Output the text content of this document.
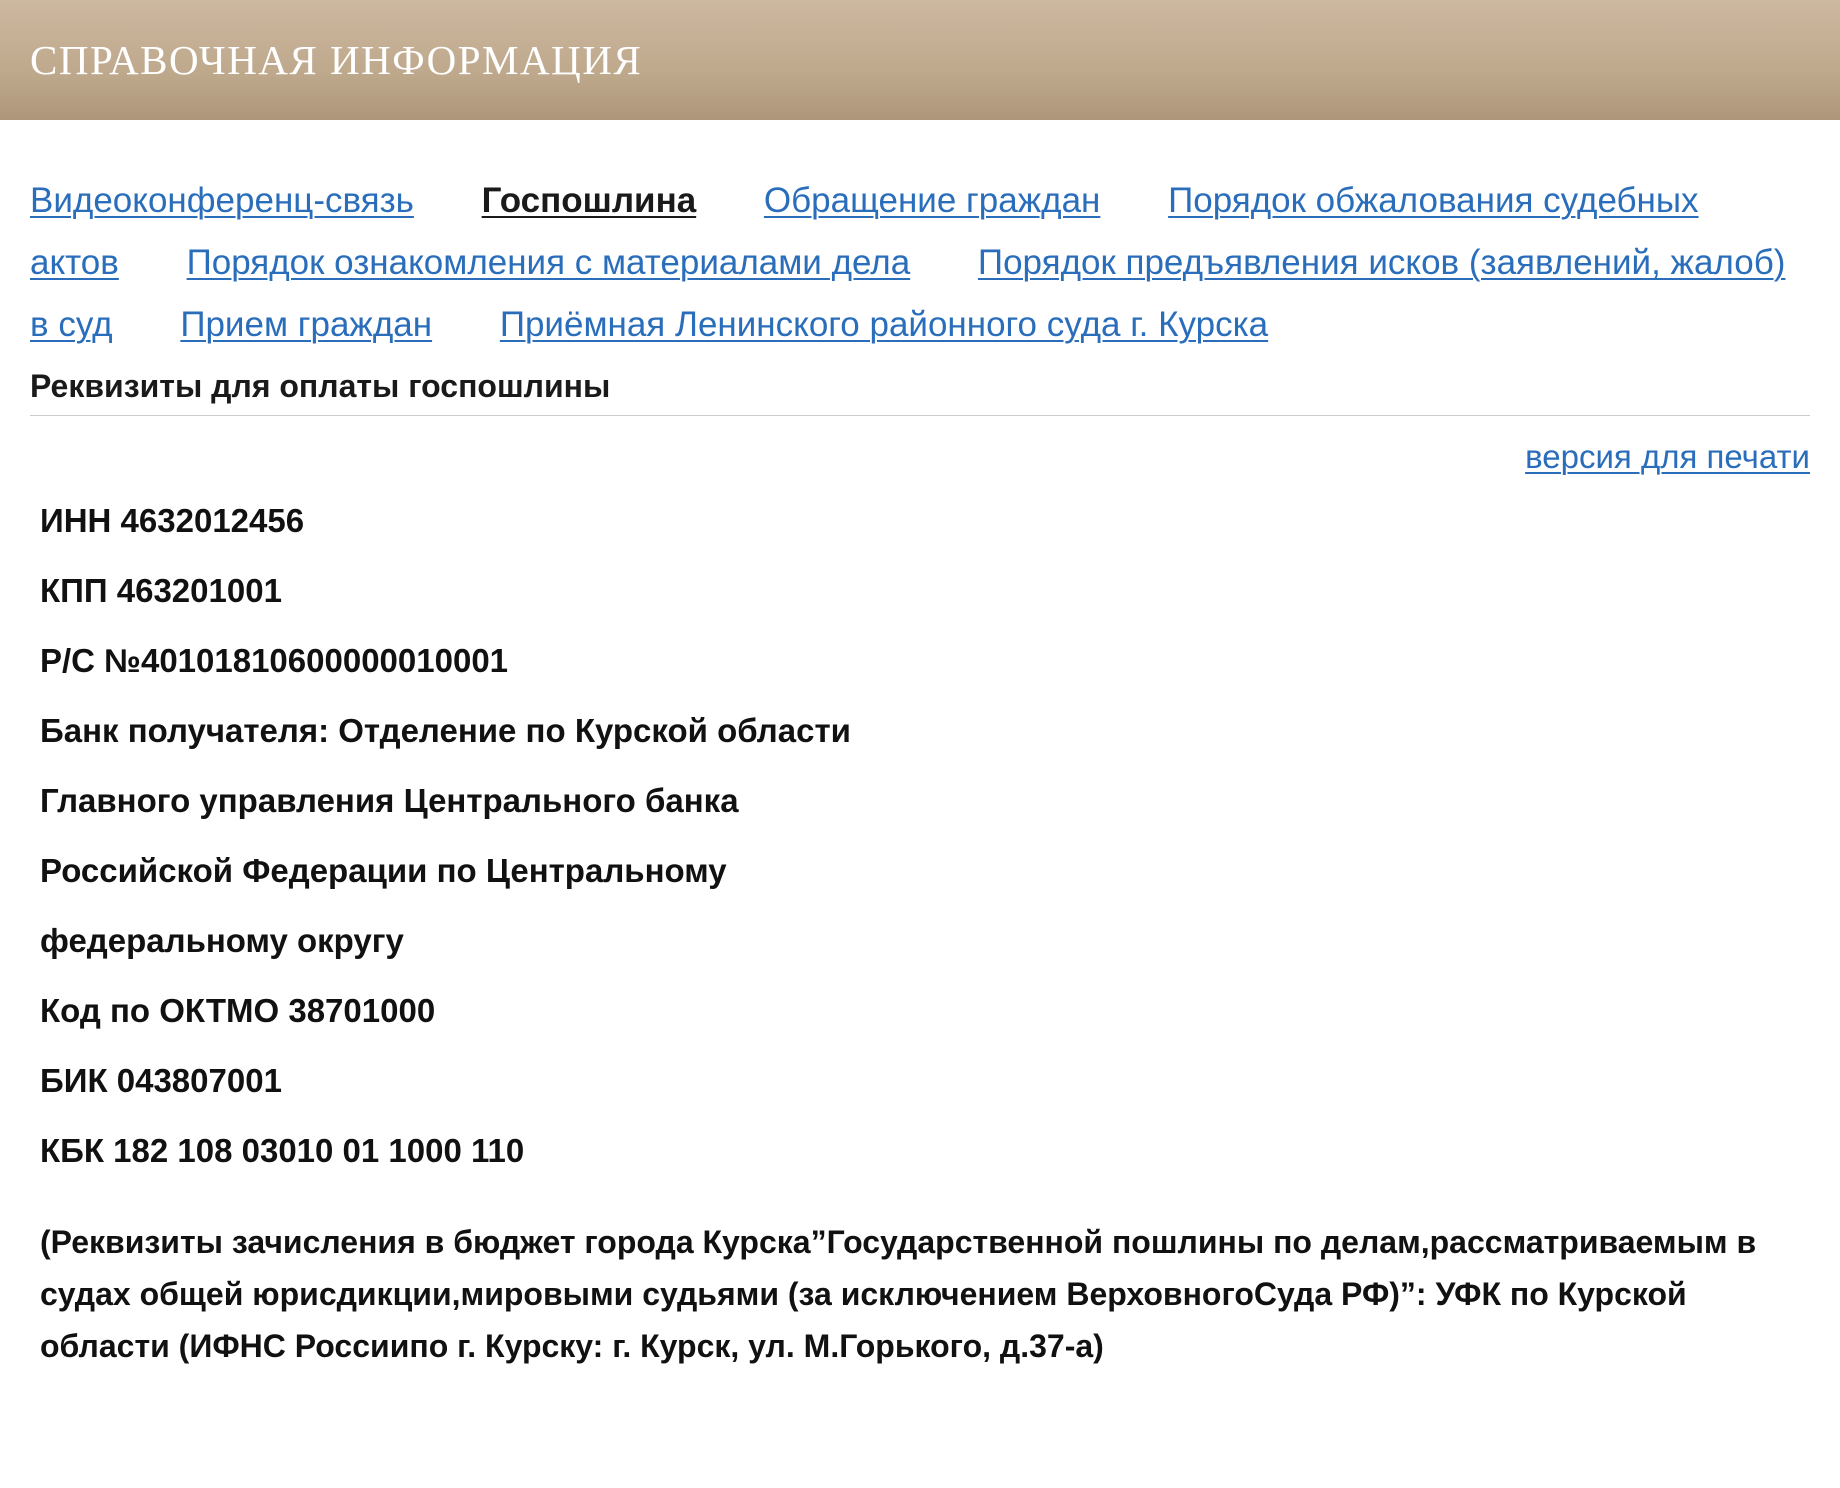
СПРАВОЧНАЯ ИНФОРМАЦИЯ
Видеоконференц-связь Госпошлина Обращение граждан Порядок обжалования судебных актов Порядок ознакомления с материалами дела Порядок предъявления исков (заявлений, жалоб) в суд Прием граждан Приёмная Ленинского районного суда г. Курска
Реквизиты для оплаты госпошлины
версия для печати
ИНН 4632012456
КПП 463201001
Р/С №40101810600000010001
Банк получателя: Отделение по Курской области
Главного управления Центрального банка
Российской Федерации по Центральному
федеральному округу
Код по ОКТМО 38701000
БИК 043807001
КБК 182 108 03010 01 1000 110
(Реквизиты зачисления в бюджет города Курска”Государственной пошлины по делам,рассматриваемым в судах общей юрисдикции,мировыми судьями (за исключением ВерховногоСуда РФ)”: УФК по Курской области (ИФНС Россиипо г. Курску: г. Курск, ул. М.Горького, д.37-а)
